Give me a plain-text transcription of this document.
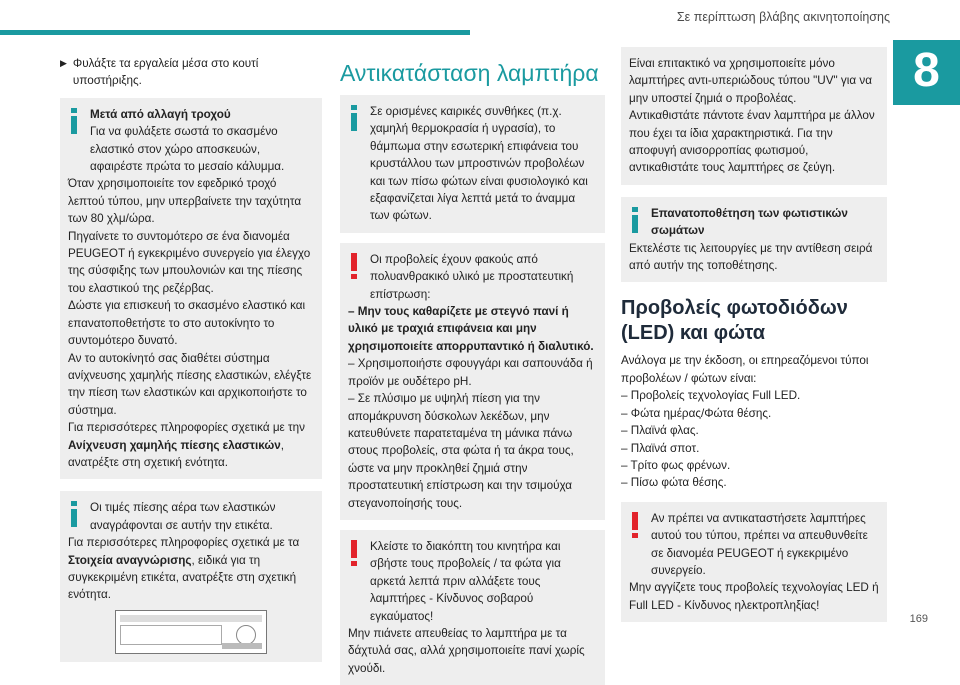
Σε περίπτωση βλάβης ακινητοποίησης
8
▶ Φυλάξτε τα εργαλεία μέσα στο κουτί υποστήριξης.

Μετά από αλλαγή τροχού

Για να φυλάξετε σωστά το σκασμένο ελαστικό στον χώρο αποσκευών, αφαιρέστε πρώτα το μεσαίο κάλυμμα.

Όταν χρησιμοποιείτε τον εφεδρικό τροχό λεπτού τύπου, μην υπερβαίνετε την ταχύτητα των 80 χλμ/ώρα.

Πηγαίνετε το συντομότερο σε ένα διανομέα PEUGEOT ή εγκεκριμένο συνεργείο για έλεγχο της σύσφιξης των μπουλονιών και της πίεσης του ελαστικού της ρεζέρβας.

Δώστε για επισκευή το σκασμένο ελαστικό και επανατοποθετήστε το στο αυτοκίνητο το συντομότερο δυνατό.

Αν το αυτοκίνητό σας διαθέτει σύστημα ανίχνευσης χαμηλής πίεσης ελαστικών, ελέγξτε την πίεση των ελαστικών και αρχικοποιήστε το σύστημα.

Για περισσότερες πληροφορίες σχετικά με την Ανίχνευση χαμηλής πίεσης ελαστικών, ανατρέξτε στη σχετική ενότητα.

Οι τιμές πίεσης αέρα των ελαστικών αναγράφονται σε αυτήν την ετικέτα.

Για περισσότερες πληροφορίες σχετικά με τα Στοιχεία αναγνώρισης, ειδικά για τη συγκεκριμένη ετικέτα, ανατρέξτε στη σχετική ενότητα.

Αντικατάσταση λαμπτήρα

Σε ορισμένες καιρικές συνθήκες (π.χ. χαμηλή θερμοκρασία ή υγρασία), το θάμπωμα στην εσωτερική επιφάνεια του κρυστάλλου των μπροστινών προβολέων και των πίσω φώτων είναι φυσιολογικό και εξαφανίζεται λίγα λεπτά μετά το άναμμα των φώτων.

Οι προβολείς έχουν φακούς από πολυανθρακικό υλικό με προστατευτική επίστρωση:

– Μην τους καθαρίζετε με στεγνό πανί ή υλικό με τραχιά επιφάνεια και μην χρησιμοποιείτε απορρυπαντικό ή διαλυτικό.

– Χρησιμοποιήστε σφουγγάρι και σαπουνάδα ή προϊόν με ουδέτερο pH.

– Σε πλύσιμο με υψηλή πίεση για την απομάκρυνση δύσκολων λεκέδων, μην κατευθύνετε παρατεταμένα τη μάνικα πάνω στους προβολείς, στα φώτα ή τα άκρα τους, ώστε να μην προκληθεί ζημιά στην προστατευτική επίστρωση και την τσιμούχα στεγανοποίησής τους.

Κλείστε το διακόπτη του κινητήρα και σβήστε τους προβολείς / τα φώτα για αρκετά λεπτά πριν αλλάξετε τους λαμπτήρες - Κίνδυνος σοβαρού εγκαύματος!

Μην πιάνετε απευθείας το λαμπτήρα με τα δάχτυλά σας, αλλά χρησιμοποιείτε πανί χωρίς χνούδι.

Είναι επιτακτικό να χρησιμοποιείτε μόνο λαμπτήρες αντι-υπεριώδους τύπου "UV" για να μην υποστεί ζημιά ο προβολέας.

Αντικαθιστάτε πάντοτε έναν λαμπτήρα με άλλον που έχει τα ίδια χαρακτηριστικά. Για την αποφυγή ανισορροπίας φωτισμού, αντικαθιστάτε τους λαμπτήρες σε ζεύγη.

Επανατοποθέτηση των φωτιστικών σωμάτων

Εκτελέστε τις λειτουργίες με την αντίθεση σειρά από αυτήν της τοποθέτησης.

Προβολείς φωτοδιόδων (LED) και φώτα
Ανάλογα με την έκδοση, οι επηρεαζόμενοι τύποι προβολέων / φώτων είναι:
– Προβολείς τεχνολογίας Full LED.
– Φώτα ημέρας/Φώτα θέσης.
– Πλαϊνά φλας.
– Πλαϊνά σποτ.
– Τρίτο φως φρένων.
– Πίσω φώτα θέσης.

Αν πρέπει να αντικαταστήσετε λαμπτήρες αυτού του τύπου, πρέπει να απευθυνθείτε σε διανομέα PEUGEOT ή εγκεκριμένο συνεργείο.

Μην αγγίζετε τους προβολείς τεχνολογίας LED ή Full LED - Κίνδυνος ηλεκτροπληξίας!

169
